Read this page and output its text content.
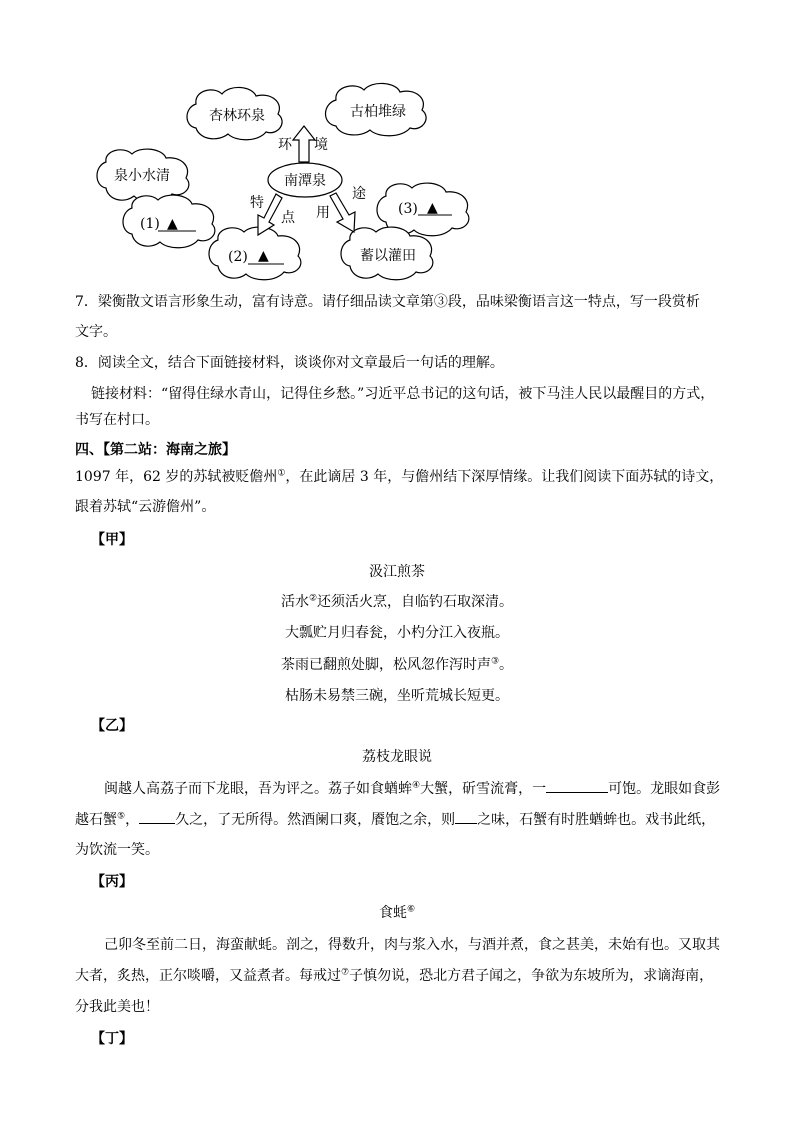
杏林环泉	古柏堆绿
泉小水清
(1) ▲
(2) ▲
(3) ▲
蓄以灌田
南潭泉
环 境
特
点
途
用

7．梁衡散文语言形象生动，富有诗意。请仔细品读文章第③段，品味梁衡语言这一特点，写一段赏析

文字。

8．阅读全文，结合下面链接材料，谈谈你对文章最后一句话的理解。

链接材料：“留得住绿水青山，记得住乡愁。”习近平总书记的这句话，被下马洼人民以最醒目的方式，

书写在村口。

四、【第二站：海南之旅】

1097 年，62 岁的苏轼被贬儋州①，在此谪居 3 年，与儋州结下深厚情缘。让我们阅读下面苏轼的诗文，

跟着苏轼“云游儋州”。

【甲】

汲江煎茶

活水②还须活火烹，自临钓石取深清。

大瓢贮月归春瓮，小杓分江入夜瓶。

茶雨已翻煎处脚，松风忽作泻时声③。

枯肠未易禁三碗，坐听荒城长短更。

【乙】

荔枝龙眼说

闽越人高荔子而下龙眼，吾为评之。荔子如食蝤蛑④大蟹，斫雪流膏，一	可饱。龙眼如食彭

越石蟹⑤，	久之，了无所得。然酒阑口爽，餍饱之余，则 之味，石蟹有时胜蝤蛑也。戏书此纸，

为饮流一笑。

【丙】

食蚝⑥

己卯冬至前二日，海蛮献蚝。剖之，得数升，肉与浆入水，与酒并煮，食之甚美，未始有也。又取其

大者，炙热，正尔啖嚼，又益煮者。每戒过⑦子慎勿说，恐北方君子闻之，争欲为东坡所为，求谪海南，

分我此美也！

【丁】
